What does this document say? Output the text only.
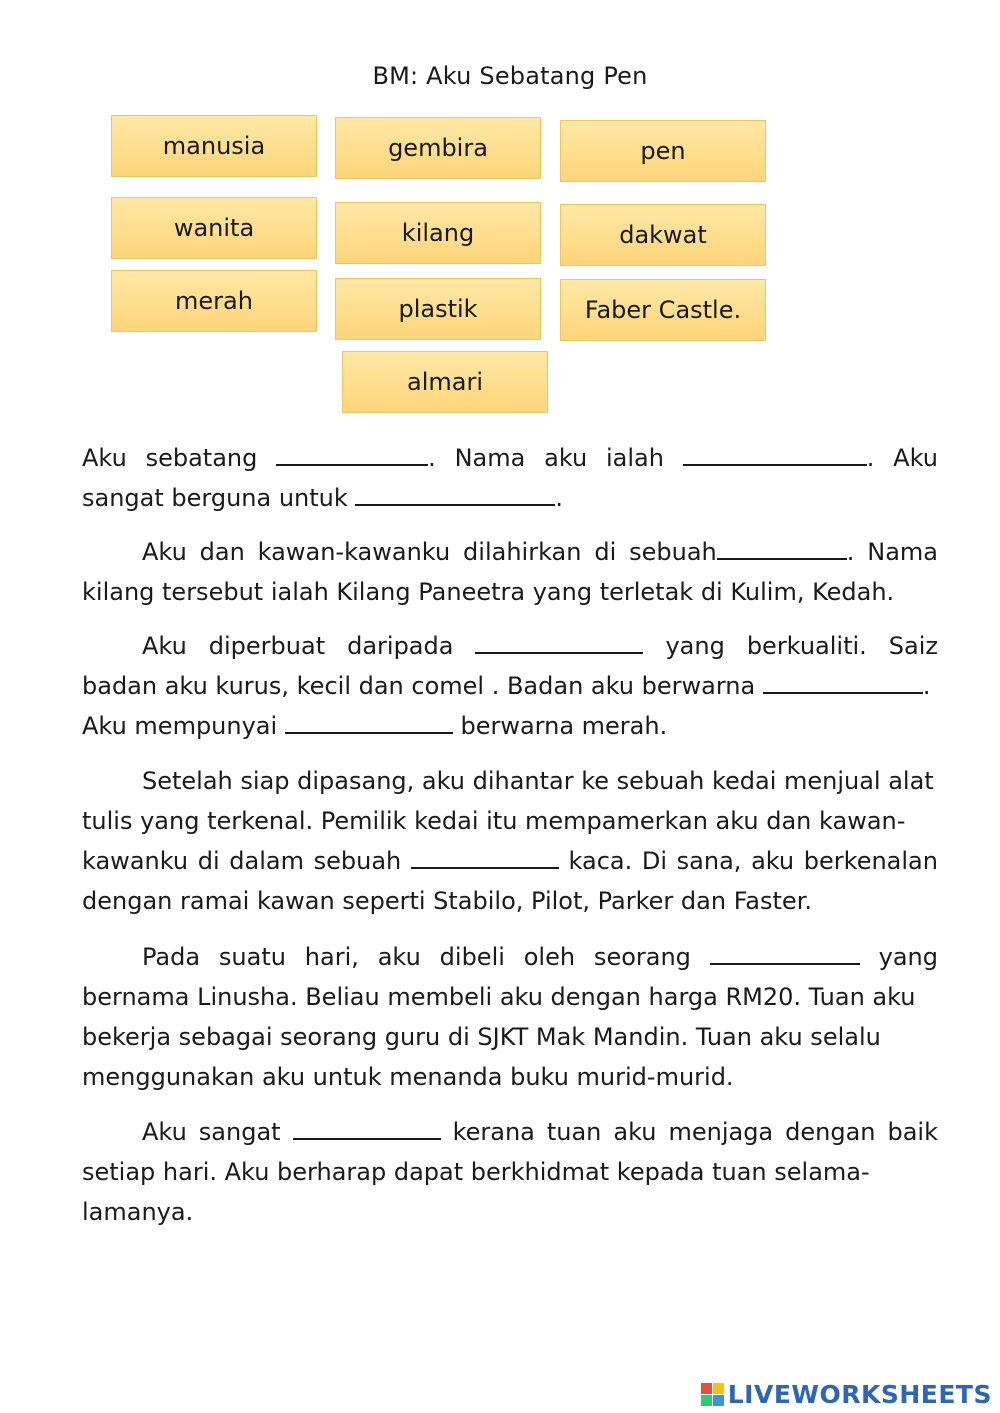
BM: Aku Sebatang Pen
manusia	gembira	pen
wanita	kilang	dakwat
merah	plastik	Faber Castle.
almari
Aku sebatang	. Nama aku ialah	. Aku
sangat berguna untuk	.
Aku dan kawan-kawanku dilahirkan di sebuah	. Nama
kilang tersebut ialah Kilang Paneetra yang terletak di Kulim, Kedah.
Aku diperbuat daripada	yang berkualiti. Saiz
badan aku kurus, kecil dan comel . Badan aku berwarna	.
Aku mempunyai	berwarna merah.
Setelah siap dipasang, aku dihantar ke sebuah kedai menjual alat
tulis yang terkenal. Pemilik kedai itu mempamerkan aku dan kawan-
kawanku di dalam sebuah	kaca. Di sana, aku berkenalan
dengan ramai kawan seperti Stabilo, Pilot, Parker dan Faster.
Pada suatu hari, aku dibeli oleh seorang	yang
bernama Linusha. Beliau membeli aku dengan harga RM20. Tuan aku
bekerja sebagai seorang guru di SJKT Mak Mandin. Tuan aku selalu
menggunakan aku untuk menanda buku murid-murid.
Aku sangat	kerana tuan aku menjaga dengan baik
setiap hari. Aku berharap dapat berkhidmat kepada tuan selama-
lamanya.
LIVEWORKSHEETS
